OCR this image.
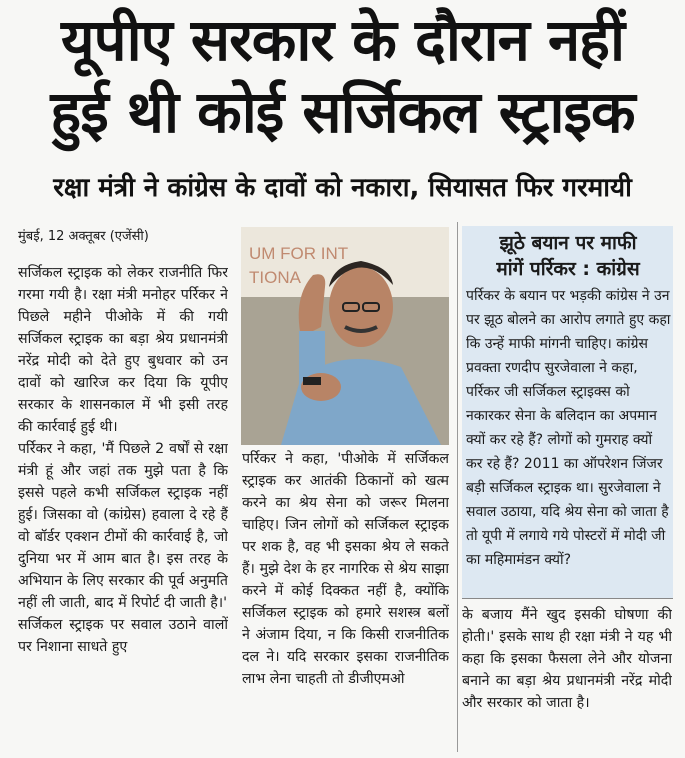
यूपीए सरकार के दौरान नहीं
हुई थी कोई सर्जिकल स्ट्राइक
रक्षा मंत्री ने कांग्रेस के दावों को नकारा, सियासत फिर गरमायी
मुंबई, 12 अक्तूबर (एजेंसी)

सर्जिकल स्ट्राइक को लेकर राजनीति फिर गरमा गयी है। रक्षा मंत्री मनोहर पर्रिकर ने पिछले महीने पीओके में की गयी सर्जिकल स्ट्राइक का बड़ा श्रेय प्रधानमंत्री नरेंद्र मोदी को देते हुए बुधवार को उन दावों को खारिज कर दिया कि यूपीए सरकार के शासनकाल में भी इसी तरह की कार्रवाई हुई थी।

पर्रिकर ने कहा, 'मैं पिछले 2 वर्षों से रक्षा मंत्री हूं और जहां तक मुझे पता है कि इससे पहले कभी सर्जिकल स्ट्राइक नहीं हुई। जिसका वो (कांग्रेस) हवाला दे रहे हैं वो बॉर्डर एक्शन टीमों की कार्रवाई है, जो दुनिया भर में आम बात है। इस तरह के अभियान के लिए सरकार की पूर्व अनुमति नहीं ली जाती, बाद में रिपोर्ट दी जाती है।'

सर्जिकल स्ट्राइक पर सवाल उठाने वालों पर निशाना साधते हुए

UM FOR INT
TIONA

पर्रिकर ने कहा, 'पीओके में सर्जिकल स्ट्राइक कर आतंकी ठिकानों को खत्म करने का श्रेय सेना को जरूर मिलना चाहिए। जिन लोगों को सर्जिकल स्ट्राइक पर शक है, वह भी इसका श्रेय ले सकते हैं। मुझे देश के हर नागरिक से श्रेय साझा करने में कोई दिक्कत नहीं है, क्योंकि सर्जिकल स्ट्राइक को हमारे सशस्त्र बलों ने अंजाम दिया, न कि किसी राजनीतिक दल ने। यदि सरकार इसका राजनीतिक लाभ लेना चाहती तो डीजीएमओ

झूठे बयान पर माफी
मांगें पर्रिकर : कांग्रेस
पर्रिकर के बयान पर भड़की कांग्रेस ने उन पर झूठ बोलने का आरोप लगाते हुए कहा कि उन्हें माफी मांगनी चाहिए। कांग्रेस प्रवक्ता रणदीप सुरजेवाला ने कहा, पर्रिकर जी सर्जिकल स्ट्राइक्स को नकारकर सेना के बलिदान का अपमान क्यों कर रहे हैं? लोगों को गुमराह क्यों कर रहे हैं? 2011 का ऑपरेशन जिंजर बड़ी सर्जिकल स्ट्राइक था। सुरजेवाला ने सवाल उठाया, यदि श्रेय सेना को जाता है तो यूपी में लगाये गये पोस्टरों में मोदी जी का महिमामंडन क्यों?

के बजाय मैंने खुद इसकी घोषणा की होती।' इसके साथ ही रक्षा मंत्री ने यह भी कहा कि इसका फैसला लेने और योजना बनाने का बड़ा श्रेय प्रधानमंत्री नरेंद्र मोदी और सरकार को जाता है।
